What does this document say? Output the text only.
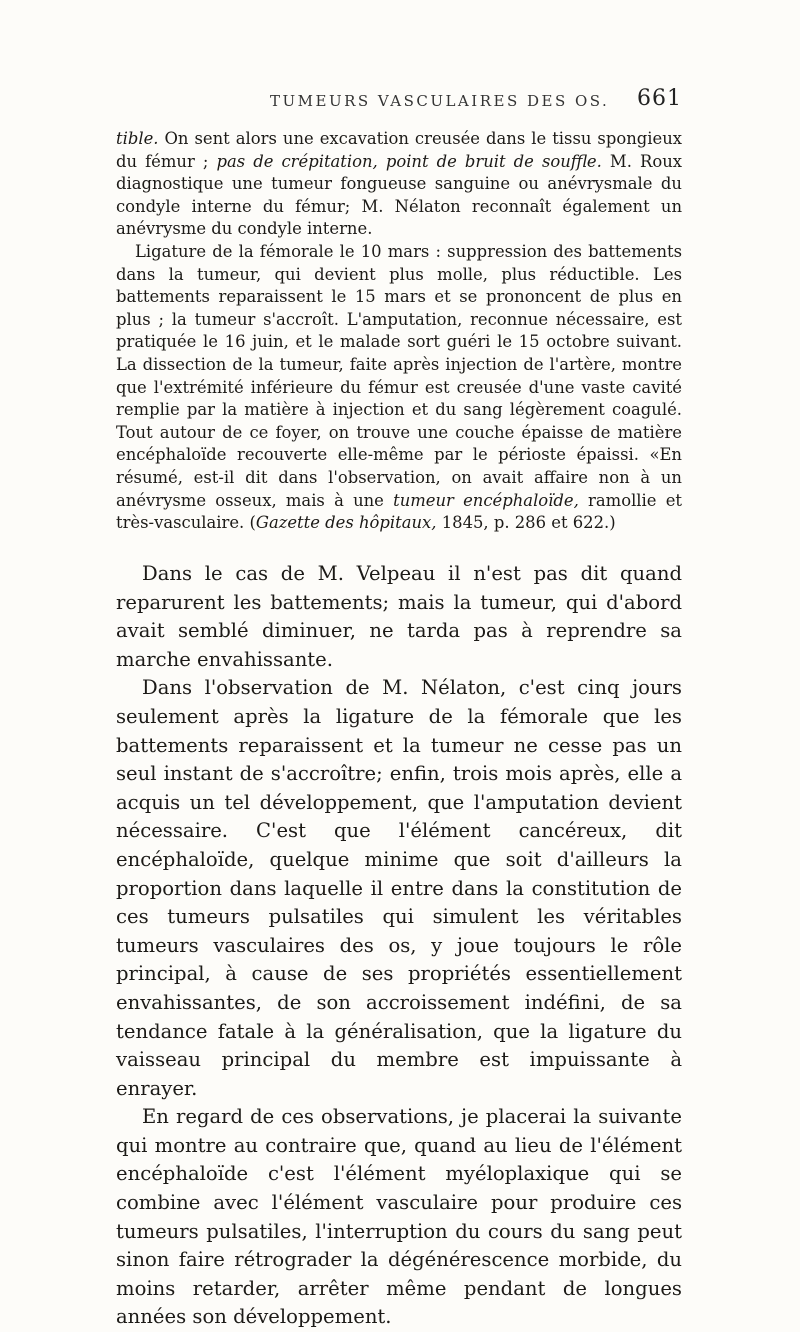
TUMEURS VASCULAIRES DES OS. 661

tible. On sent alors une excavation creusée dans le tissu spongieux du fémur ; pas de crépitation, point de bruit de souffle. M. Roux diagnostique une tumeur fongueuse sanguine ou anévrysmale du condyle interne du fémur; M. Nélaton reconnaît également un anévrysme du condyle interne.

Ligature de la fémorale le 10 mars : suppression des battements dans la tumeur, qui devient plus molle, plus réductible. Les battements reparaissent le 15 mars et se prononcent de plus en plus ; la tumeur s'accroît. L'amputation, reconnue nécessaire, est pratiquée le 16 juin, et le malade sort guéri le 15 octobre suivant. La dissection de la tumeur, faite après injection de l'artère, montre que l'extrémité inférieure du fémur est creusée d'une vaste cavité remplie par la matière à injection et du sang légèrement coagulé. Tout autour de ce foyer, on trouve une couche épaisse de matière encéphaloïde recouverte elle-même par le périoste épaissi. «En résumé, est-il dit dans l'observation, on avait affaire non à un anévrysme osseux, mais à une tumeur encéphaloïde, ramollie et très-vasculaire. (Gazette des hôpitaux, 1845, p. 286 et 622.)

Dans le cas de M. Velpeau il n'est pas dit quand reparurent les battements; mais la tumeur, qui d'abord avait semblé diminuer, ne tarda pas à reprendre sa marche envahissante.

Dans l'observation de M. Nélaton, c'est cinq jours seulement après la ligature de la fémorale que les battements reparaissent et la tumeur ne cesse pas un seul instant de s'accroître; enfin, trois mois après, elle a acquis un tel développement, que l'amputation devient nécessaire. C'est que l'élément cancéreux, dit encéphaloïde, quelque minime que soit d'ailleurs la proportion dans laquelle il entre dans la constitution de ces tumeurs pulsatiles qui simulent les véritables tumeurs vasculaires des os, y joue toujours le rôle principal, à cause de ses propriétés essentiellement envahissantes, de son accroissement indéfini, de sa tendance fatale à la généralisation, que la ligature du vaisseau principal du membre est impuissante à enrayer.

En regard de ces observations, je placerai la suivante qui montre au contraire que, quand au lieu de l'élément encéphaloïde c'est l'élément myéloplaxique qui se combine avec l'élément vasculaire pour produire ces tumeurs pulsatiles, l'interruption du cours du sang peut sinon faire rétrograder la dégénérescence morbide, du moins retarder, arrêter même pendant de longues années son développement.
